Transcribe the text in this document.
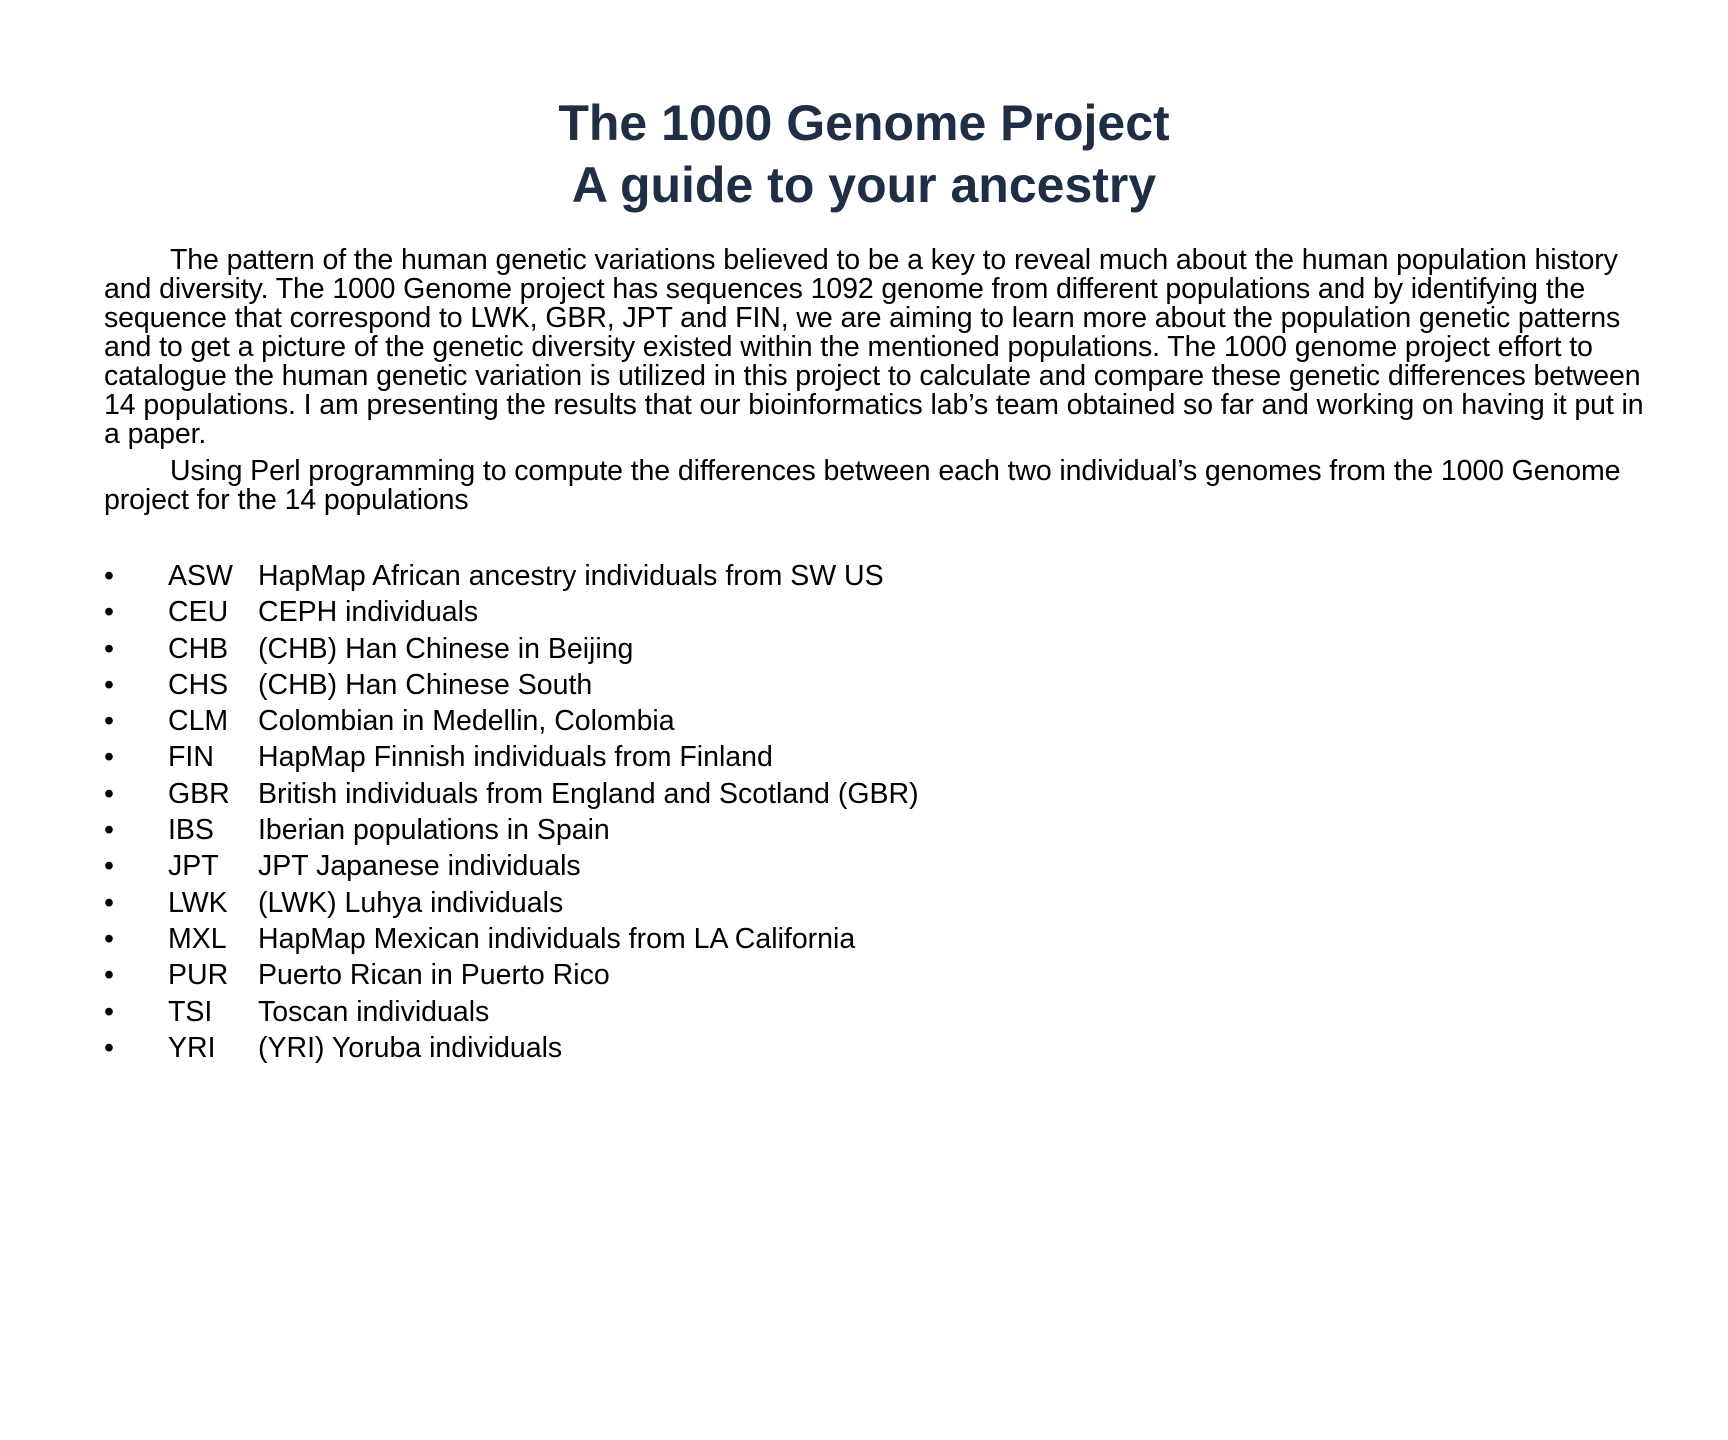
The 1000 Genome Project
A guide to your ancestry

The pattern of the human genetic variations believed to be a key to reveal much about the human population history and diversity. The 1000 Genome project has sequences 1092 genome from different populations and by identifying the sequence that correspond to LWK, GBR, JPT and FIN, we are aiming to learn more about the population genetic patterns and to get a picture of the genetic diversity existed within the mentioned populations. The 1000 genome project effort to catalogue the human genetic variation is utilized in this project to calculate and compare these genetic differences between 14 populations. I am presenting the results that our bioinformatics lab’s team obtained so far and working on having it put in a paper.

Using Perl programming to compute the differences between each two individual’s genomes from the 1000 Genome project for the 14 populations

•	ASW HapMap African ancestry individuals from SW US
•	CEU	CEPH individuals
•	CHB	(CHB) Han Chinese in Beijing
•	CHS	(CHB) Han Chinese South
•	CLM	Colombian in Medellin, Colombia
•	FIN	HapMap Finnish individuals from Finland
•	GBR British individuals from England and Scotland (GBR)
•	IBS	Iberian populations in Spain
•	JPT	JPT Japanese individuals
•	LWK	(LWK) Luhya individuals
•	MXL	HapMap Mexican individuals from LA California
•	PUR	Puerto Rican in Puerto Rico
•	TSI	Toscan individuals
•	YRI	(YRI) Yoruba individuals
